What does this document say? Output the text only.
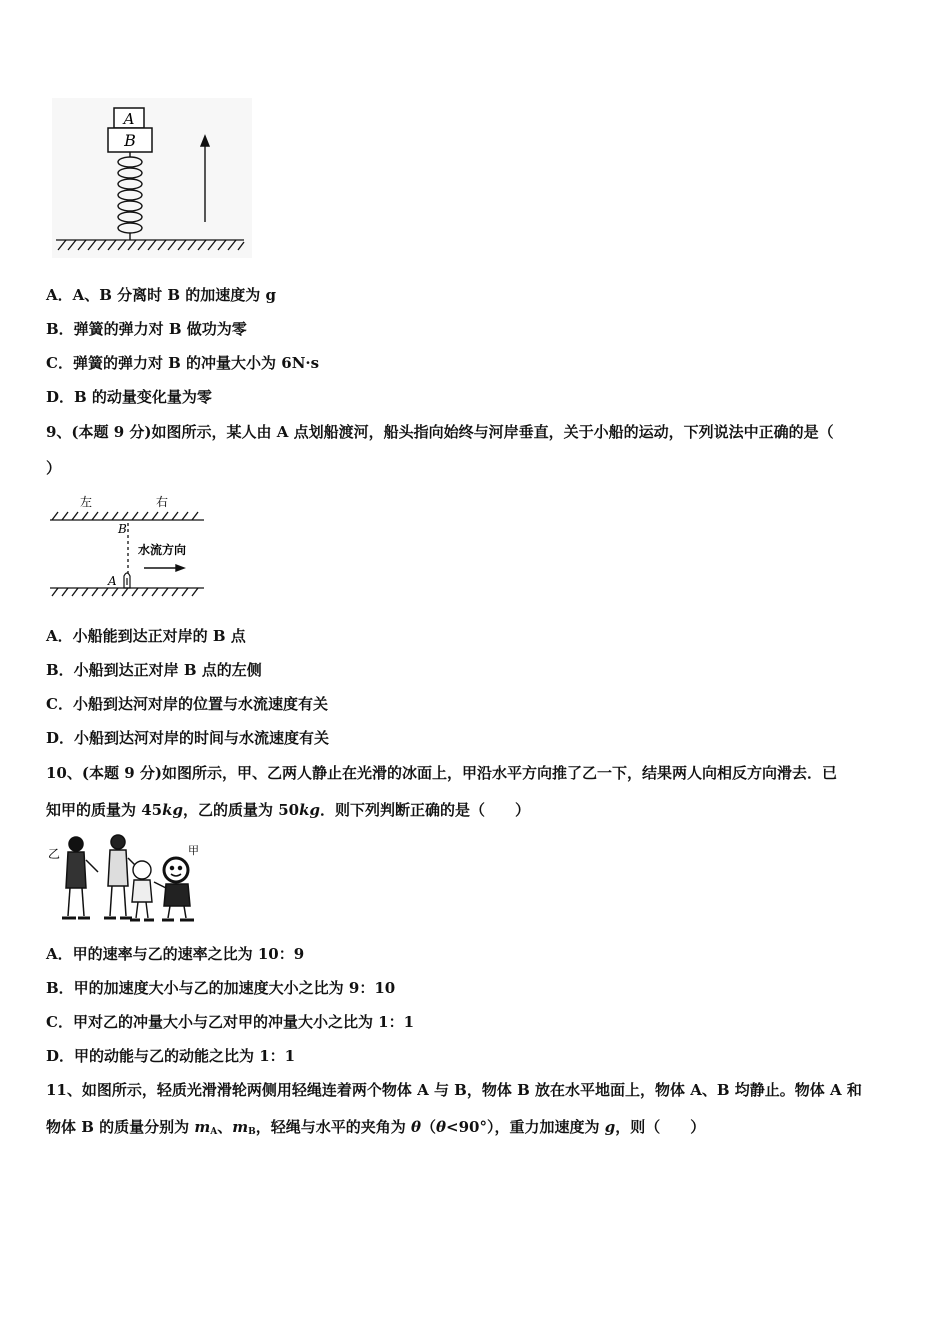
A
B
A．A、B 分离时 B 的加速度为 g
B．弹簧的弹力对 B 做功为零
C．弹簧的弹力对 B 的冲量大小为 6N·s
D．B 的动量变化量为零
9、(本题 9 分)如图所示，某人由 A 点划船渡河，船头指向始终与河岸垂直，关于小船的运动，下列说法中正确的是（
）
左	右
B
水流方向
A
A．小船能到达正对岸的 B 点
B．小船到达正对岸 B 点的左侧
C．小船到达河对岸的位置与水流速度有关
D．小船到达河对岸的时间与水流速度有关
10、(本题 9 分)如图所示，甲、乙两人静止在光滑的冰面上，甲沿水平方向推了乙一下，结果两人向相反方向滑去．已
知甲的质量为 45kg，乙的质量为 50kg．则下列判断正确的是（　　）
乙	甲
A．甲的速率与乙的速率之比为 10：9
B．甲的加速度大小与乙的加速度大小之比为 9：10
C．甲对乙的冲量大小与乙对甲的冲量大小之比为 1：1
D．甲的动能与乙的动能之比为 1：1
11、如图所示，轻质光滑滑轮两侧用轻绳连着两个物体 A 与 B，物体 B 放在水平地面上，物体 A、B 均静止。物体 A 和
物体 B 的质量分别为 $m_A$、$m_B$，轻绳与水平的夹角为 θ（θ<90°），重力加速度为 g，则（　　）
